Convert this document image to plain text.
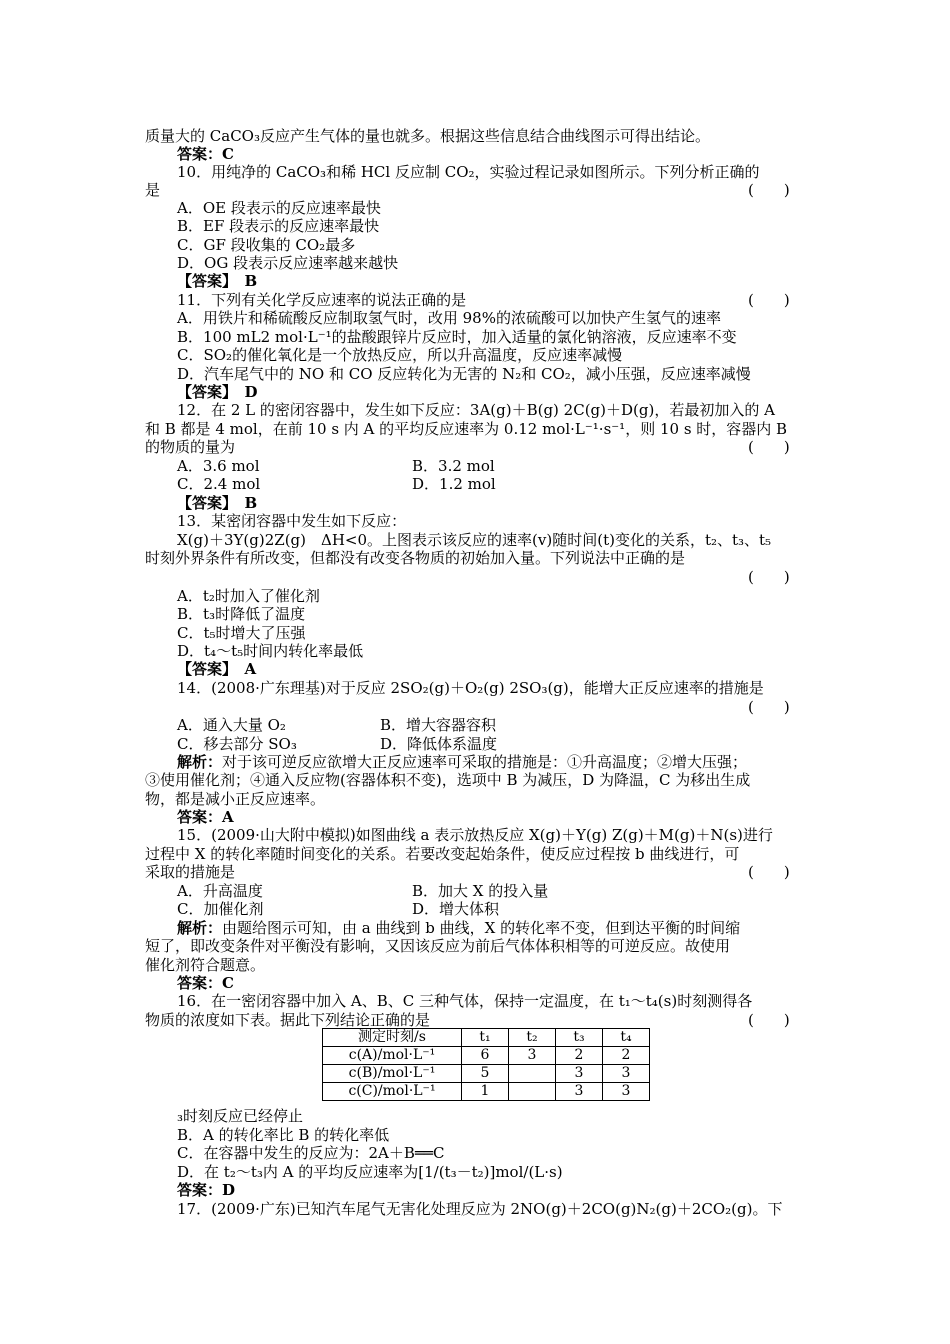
质量大的 CaCO₃反应产生气体的量也就多。根据这些信息结合曲线图示可得出结论。
答案：C
10．用纯净的 CaCO₃和稀 HCl 反应制 CO₂，实验过程记录如图所示。下列分析正确的
是
A．OE 段表示的反应速率最快
B．EF 段表示的反应速率最快
C．GF 段收集的 CO₂最多
D．OG 段表示反应速率越来越快
【答案】　B
11．下列有关化学反应速率的说法正确的是
A．用铁片和稀硫酸反应制取氢气时，改用 98%的浓硫酸可以加快产生氢气的速率
B．100 mL2 mol·L⁻¹的盐酸跟锌片反应时，加入适量的氯化钠溶液，反应速率不变
C．SO₂的催化氧化是一个放热反应，所以升高温度，反应速率减慢
D．汽车尾气中的 NO 和 CO 反应转化为无害的 N₂和 CO₂，减小压强，反应速率减慢
【答案】　D
12．在 2 L 的密闭容器中，发生如下反应：3A(g)＋B(g) 2C(g)＋D(g)，若最初加入的 A
和 B 都是 4 mol，在前 10 s 内 A 的平均反应速率为 0.12 mol·L⁻¹·s⁻¹，则 10 s 时，容器内 B
的物质的量为
【答案】　B
13．某密闭容器中发生如下反应：
X(g)＋3Y(g)2Z(g)　ΔH<0。上图表示该反应的速率(v)随时间(t)变化的关系，t₂、t₃、t₅
时刻外界条件有所改变，但都没有改变各物质的初始加入量。下列说法中正确的是
A．t₂时加入了催化剂
B．t₃时降低了温度
C．t₅时增大了压强
D．t₄～t₅时间内转化率最低
【答案】　A
14．(2008·广东理基)对于反应 2SO₂(g)＋O₂(g) 2SO₃(g)，能增大正反应速率的措施是
解析：对于该可逆反应欲增大正反应速率可采取的措施是：①升高温度；②增大压强；
③使用催化剂；④通入反应物(容器体积不变)，选项中 B 为减压，D 为降温，C 为移出生成
物，都是减小正反应速率。
答案：A
15．(2009·山大附中模拟)如图曲线 a 表示放热反应 X(g)＋Y(g) Z(g)＋M(g)＋N(s)进行
过程中 X 的转化率随时间变化的关系。若要改变起始条件，使反应过程按 b 曲线进行，可
采取的措施是
解析：由题给图示可知，由 a 曲线到 b 曲线，X 的转化率不变，但到达平衡的时间缩
短了，即改变条件对平衡没有影响，又因该反应为前后气体体积相等的可逆反应。故使用
催化剂符合题意。
答案：C
16．在一密闭容器中加入 A、B、C 三种气体，保持一定温度，在 t₁～t₄(s)时刻测得各
物质的浓度如下表。据此下列结论正确的是
₃时刻反应已经停止
B．A 的转化率比 B 的转化率低
C．在容器中发生的反应为：2A＋B══C
D．在 t₂～t₃内 A 的平均反应速率为[1/(t₃－t₂)]mol/(L·s)
答案：D
17．(2009·广东)已知汽车尾气无害化处理反应为 2NO(g)＋2CO(g)N₂(g)＋2CO₂(g)。下
(　　)
(　　)
(　　)
(　　)
(　　)
(　　)
(　　)
A．3.6 mol	B．3.2 mol
C．2.4 mol	D．1.2 mol
A．通入大量 O₂	B．增大容器容积
C．移去部分 SO₃	D．降低体系温度
A．升高温度	B．加大 X 的投入量
C．加催化剂	D．增大体积
测定时刻/s	t₁	t₂	t₃	t₄
c(A)/mol·L⁻¹	6	3	2	2
c(B)/mol·L⁻¹	5		3	3
c(C)/mol·L⁻¹	1		3	3
